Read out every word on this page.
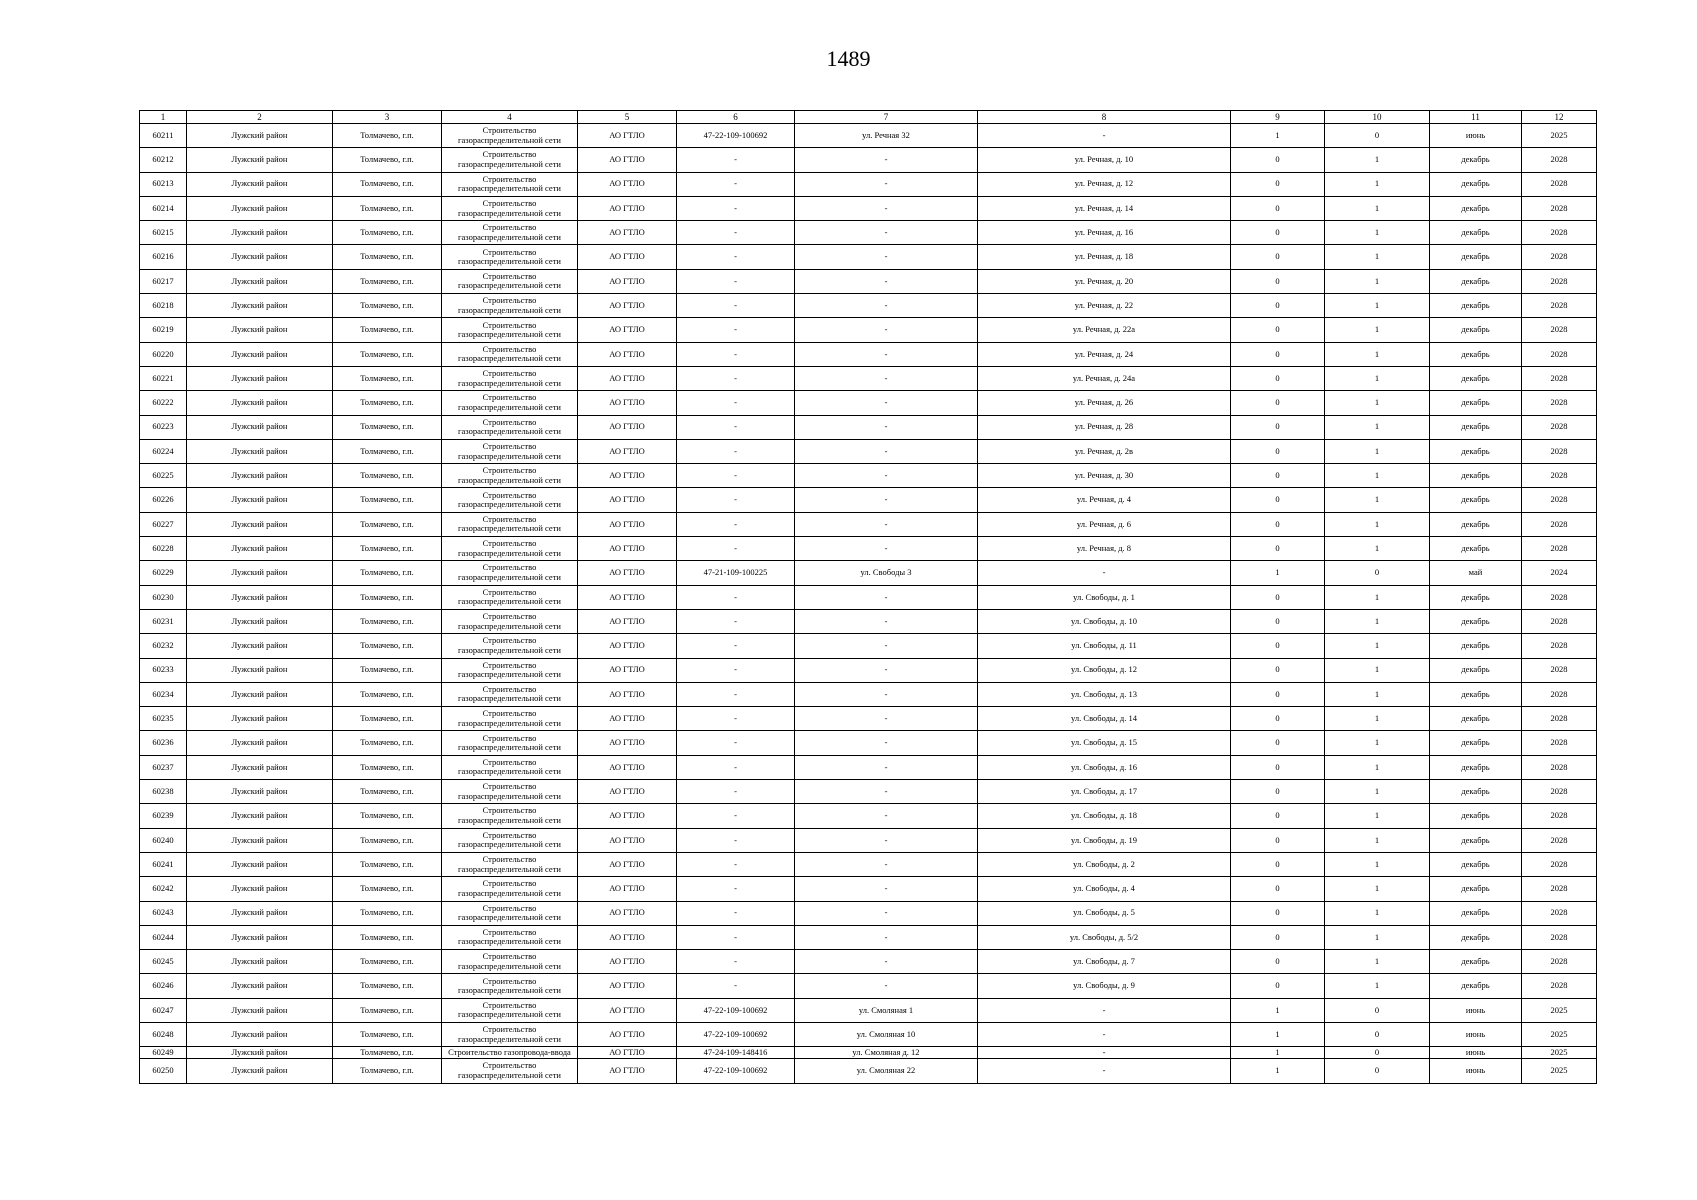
1489
1	2	3	4	5	6	7	8	9	10	11	12
60211	Лужский район	Толмачево, г.п.	Строительство газораспределительной сети	АО ГТЛО	47-22-109-100692	ул. Речная 32	-	1	0	июнь	2025
60212	Лужский район	Толмачево, г.п.	Строительство газораспределительной сети	АО ГТЛО	-	-	ул. Речная, д. 10	0	1	декабрь	2028
60213	Лужский район	Толмачево, г.п.	Строительство газораспределительной сети	АО ГТЛО	-	-	ул. Речная, д. 12	0	1	декабрь	2028
60214	Лужский район	Толмачево, г.п.	Строительство газораспределительной сети	АО ГТЛО	-	-	ул. Речная, д. 14	0	1	декабрь	2028
60215	Лужский район	Толмачево, г.п.	Строительство газораспределительной сети	АО ГТЛО	-	-	ул. Речная, д. 16	0	1	декабрь	2028
60216	Лужский район	Толмачево, г.п.	Строительство газораспределительной сети	АО ГТЛО	-	-	ул. Речная, д. 18	0	1	декабрь	2028
60217	Лужский район	Толмачево, г.п.	Строительство газораспределительной сети	АО ГТЛО	-	-	ул. Речная, д. 20	0	1	декабрь	2028
60218	Лужский район	Толмачево, г.п.	Строительство газораспределительной сети	АО ГТЛО	-	-	ул. Речная, д. 22	0	1	декабрь	2028
60219	Лужский район	Толмачево, г.п.	Строительство газораспределительной сети	АО ГТЛО	-	-	ул. Речная, д. 22а	0	1	декабрь	2028
60220	Лужский район	Толмачево, г.п.	Строительство газораспределительной сети	АО ГТЛО	-	-	ул. Речная, д. 24	0	1	декабрь	2028
60221	Лужский район	Толмачево, г.п.	Строительство газораспределительной сети	АО ГТЛО	-	-	ул. Речная, д. 24а	0	1	декабрь	2028
60222	Лужский район	Толмачево, г.п.	Строительство газораспределительной сети	АО ГТЛО	-	-	ул. Речная, д. 26	0	1	декабрь	2028
60223	Лужский район	Толмачево, г.п.	Строительство газораспределительной сети	АО ГТЛО	-	-	ул. Речная, д. 28	0	1	декабрь	2028
60224	Лужский район	Толмачево, г.п.	Строительство газораспределительной сети	АО ГТЛО	-	-	ул. Речная, д. 2в	0	1	декабрь	2028
60225	Лужский район	Толмачево, г.п.	Строительство газораспределительной сети	АО ГТЛО	-	-	ул. Речная, д. 30	0	1	декабрь	2028
60226	Лужский район	Толмачево, г.п.	Строительство газораспределительной сети	АО ГТЛО	-	-	ул. Речная, д. 4	0	1	декабрь	2028
60227	Лужский район	Толмачево, г.п.	Строительство газораспределительной сети	АО ГТЛО	-	-	ул. Речная, д. 6	0	1	декабрь	2028
60228	Лужский район	Толмачево, г.п.	Строительство газораспределительной сети	АО ГТЛО	-	-	ул. Речная, д. 8	0	1	декабрь	2028
60229	Лужский район	Толмачево, г.п.	Строительство газораспределительной сети	АО ГТЛО	47-21-109-100225	ул. Свободы 3	-	1	0	май	2024
60230	Лужский район	Толмачево, г.п.	Строительство газораспределительной сети	АО ГТЛО	-	-	ул. Свободы, д. 1	0	1	декабрь	2028
60231	Лужский район	Толмачево, г.п.	Строительство газораспределительной сети	АО ГТЛО	-	-	ул. Свободы, д. 10	0	1	декабрь	2028
60232	Лужский район	Толмачево, г.п.	Строительство газораспределительной сети	АО ГТЛО	-	-	ул. Свободы, д. 11	0	1	декабрь	2028
60233	Лужский район	Толмачево, г.п.	Строительство газораспределительной сети	АО ГТЛО	-	-	ул. Свободы, д. 12	0	1	декабрь	2028
60234	Лужский район	Толмачево, г.п.	Строительство газораспределительной сети	АО ГТЛО	-	-	ул. Свободы, д. 13	0	1	декабрь	2028
60235	Лужский район	Толмачево, г.п.	Строительство газораспределительной сети	АО ГТЛО	-	-	ул. Свободы, д. 14	0	1	декабрь	2028
60236	Лужский район	Толмачево, г.п.	Строительство газораспределительной сети	АО ГТЛО	-	-	ул. Свободы, д. 15	0	1	декабрь	2028
60237	Лужский район	Толмачево, г.п.	Строительство газораспределительной сети	АО ГТЛО	-	-	ул. Свободы, д. 16	0	1	декабрь	2028
60238	Лужский район	Толмачево, г.п.	Строительство газораспределительной сети	АО ГТЛО	-	-	ул. Свободы, д. 17	0	1	декабрь	2028
60239	Лужский район	Толмачево, г.п.	Строительство газораспределительной сети	АО ГТЛО	-	-	ул. Свободы, д. 18	0	1	декабрь	2028
60240	Лужский район	Толмачево, г.п.	Строительство газораспределительной сети	АО ГТЛО	-	-	ул. Свободы, д. 19	0	1	декабрь	2028
60241	Лужский район	Толмачево, г.п.	Строительство газораспределительной сети	АО ГТЛО	-	-	ул. Свободы, д. 2	0	1	декабрь	2028
60242	Лужский район	Толмачево, г.п.	Строительство газораспределительной сети	АО ГТЛО	-	-	ул. Свободы, д. 4	0	1	декабрь	2028
60243	Лужский район	Толмачево, г.п.	Строительство газораспределительной сети	АО ГТЛО	-	-	ул. Свободы, д. 5	0	1	декабрь	2028
60244	Лужский район	Толмачево, г.п.	Строительство газораспределительной сети	АО ГТЛО	-	-	ул. Свободы, д. 5/2	0	1	декабрь	2028
60245	Лужский район	Толмачево, г.п.	Строительство газораспределительной сети	АО ГТЛО	-	-	ул. Свободы, д. 7	0	1	декабрь	2028
60246	Лужский район	Толмачево, г.п.	Строительство газораспределительной сети	АО ГТЛО	-	-	ул. Свободы, д. 9	0	1	декабрь	2028
60247	Лужский район	Толмачево, г.п.	Строительство газораспределительной сети	АО ГТЛО	47-22-109-100692	ул. Смоляная 1	-	1	0	июнь	2025
60248	Лужский район	Толмачево, г.п.	Строительство газораспределительной сети	АО ГТЛО	47-22-109-100692	ул. Смоляная 10	-	1	0	июнь	2025
60249	Лужский район	Толмачево, г.п.	Строительство газопровода-ввода	АО ГТЛО	47-24-109-148416	ул. Смоляная д. 12	-	1	0	июнь	2025
60250	Лужский район	Толмачево, г.п.	Строительство газораспределительной сети	АО ГТЛО	47-22-109-100692	ул. Смоляная 22	-	1	0	июнь	2025
